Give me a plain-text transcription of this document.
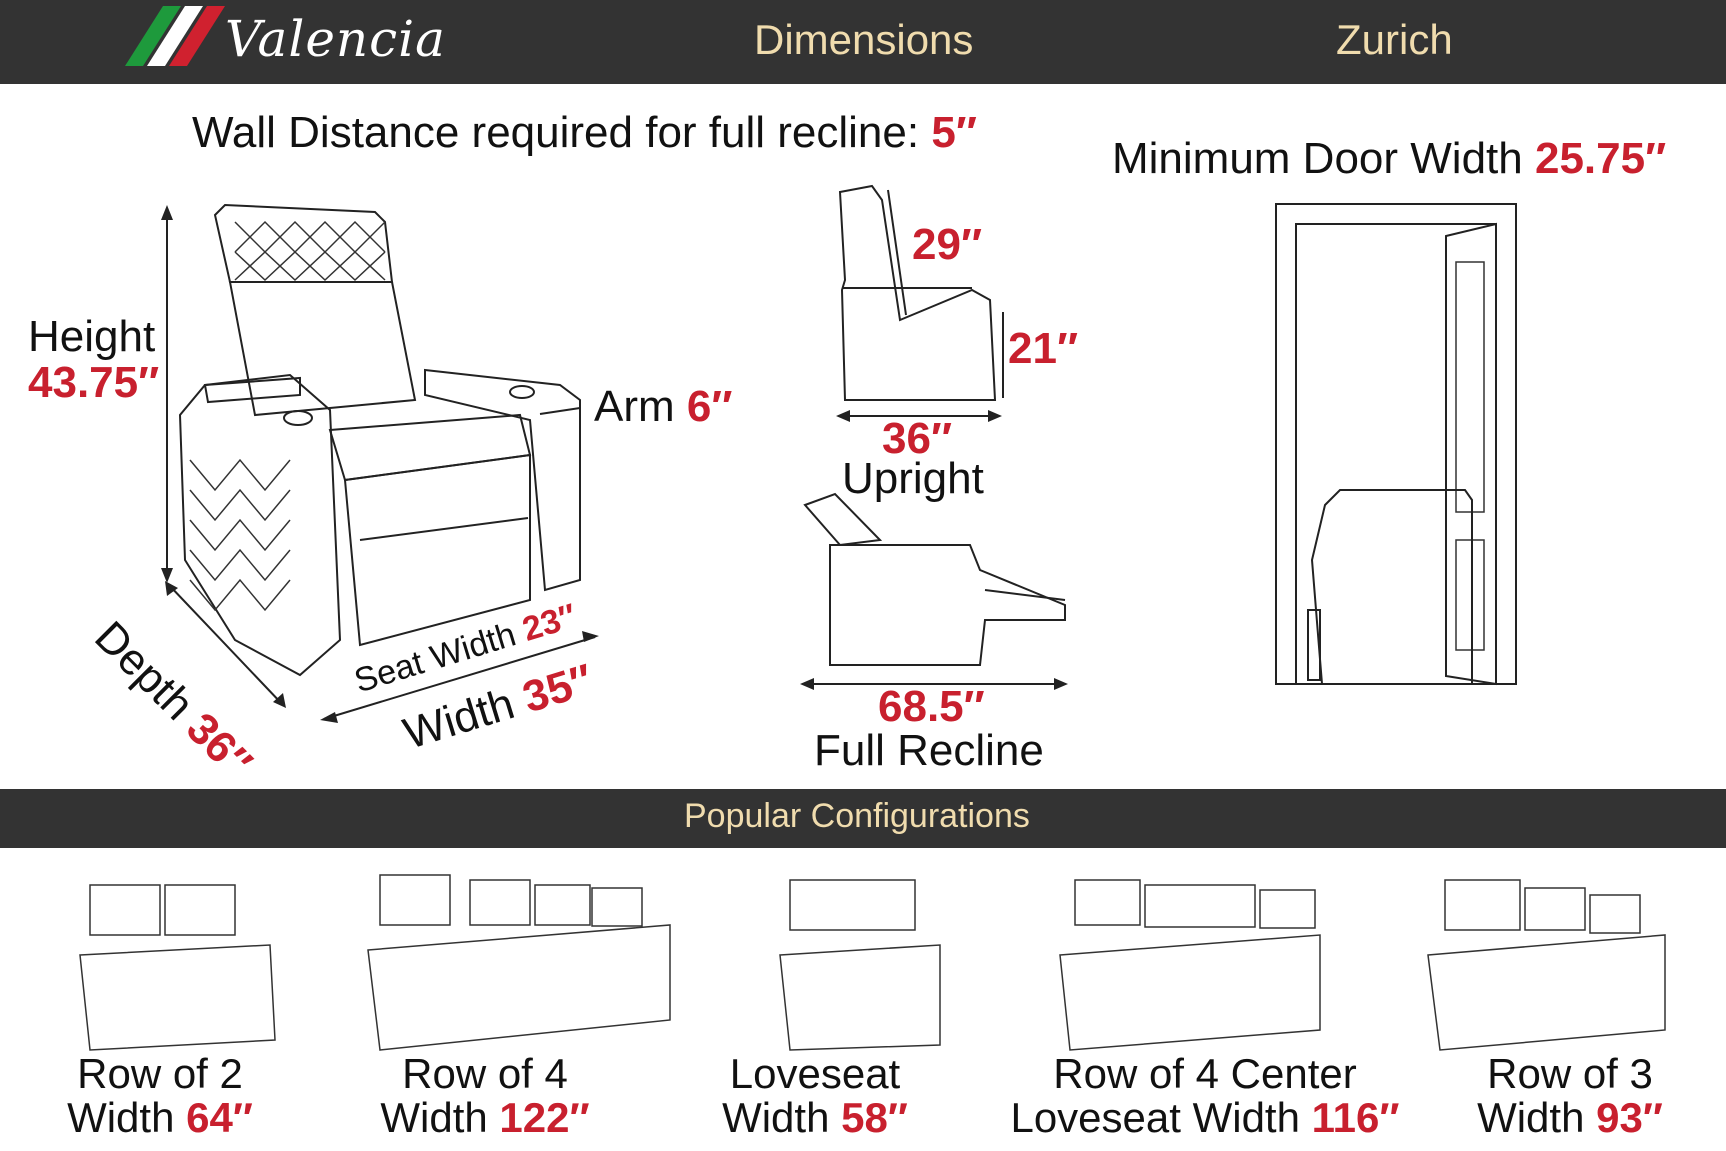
Valencia	Dimensions	Zurich
Wall Distance required for full recline: 5″
Minimum Door Width 25.75″
Height
43.75″	Arm 6″
Depth 36″
Seat Width 23″
Width 35″
29″
21″
36″
Upright
68.5″
Full Recline
Popular Configurations
Row of 2
Width 64″
Row of 4
Width 122″
Loveseat
Width 58″
Row of 4 Center
Loveseat Width 116″
Row of 3
Width 93″
